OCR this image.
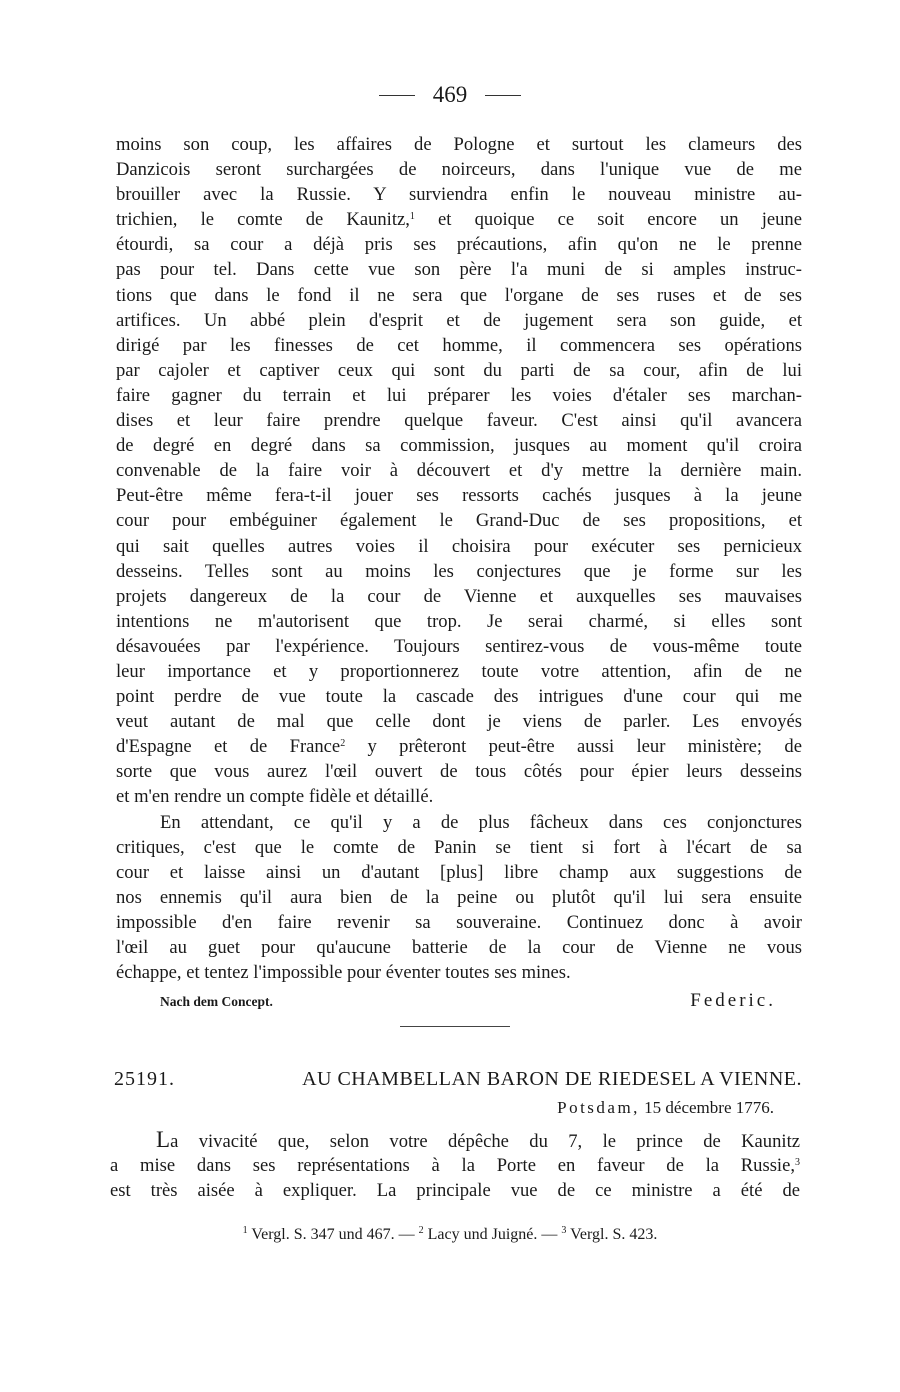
469
moins son coup, les affaires de Pologne et surtout les clameurs des
Danzicois seront surchargées de noirceurs, dans l'unique vue de me
brouiller avec la Russie. Y surviendra enfin le nouveau ministre au-
trichien, le comte de Kaunitz,$^1$ et quoique ce soit encore un jeune
étourdi, sa cour a déjà pris ses précautions, afin qu'on ne le prenne
pas pour tel. Dans cette vue son père l'a muni de si amples instruc-
tions que dans le fond il ne sera que l'organe de ses ruses et de ses
artifices. Un abbé plein d'esprit et de jugement sera son guide, et
dirigé par les finesses de cet homme, il commencera ses opérations
par cajoler et captiver ceux qui sont du parti de sa cour, afin de lui
faire gagner du terrain et lui préparer les voies d'étaler ses marchan-
dises et leur faire prendre quelque faveur. C'est ainsi qu'il avancera
de degré en degré dans sa commission, jusques au moment qu'il croira
convenable de la faire voir à découvert et d'y mettre la dernière main.
Peut-être même fera-t-il jouer ses ressorts cachés jusques à la jeune
cour pour embéguiner également le Grand-Duc de ses propositions, et
qui sait quelles autres voies il choisira pour exécuter ses pernicieux
desseins. Telles sont au moins les conjectures que je forme sur les
projets dangereux de la cour de Vienne et auxquelles ses mauvaises
intentions ne m'autorisent que trop. Je serai charmé, si elles sont
désavouées par l'expérience. Toujours sentirez-vous de vous-même toute
leur importance et y proportionnerez toute votre attention, afin de ne
point perdre de vue toute la cascade des intrigues d'une cour qui me
veut autant de mal que celle dont je viens de parler. Les envoyés
d'Espagne et de France$^2$ y prêteront peut-être aussi leur ministère; de
sorte que vous aurez l'œil ouvert de tous côtés pour épier leurs desseins
et m'en rendre un compte fidèle et détaillé.
En attendant, ce qu'il y a de plus fâcheux dans ces conjonctures
critiques, c'est que le comte de Panin se tient si fort à l'écart de sa
cour et laisse ainsi un d'autant [plus] libre champ aux suggestions de
nos ennemis qu'il aura bien de la peine ou plutôt qu'il lui sera ensuite
impossible d'en faire revenir sa souveraine. Continuez donc à avoir
l'œil au guet pour qu'aucune batterie de la cour de Vienne ne vous
échappe, et tentez l'impossible pour éventer toutes ses mines.
Nach dem Concept.	Federic.
25191.	AU CHAMBELLAN BARON DE RIEDESEL A VIENNE.
Potsdam, 15 décembre 1776.
La vivacité que, selon votre dépêche du 7, le prince de Kaunitz
a mise dans ses représentations à la Porte en faveur de la Russie,$^3$
est très aisée à expliquer. La principale vue de ce ministre a été de
$^1$ Vergl. S. 347 und 467. — $^2$ Lacy und Juigné. — $^3$ Vergl. S. 423.
